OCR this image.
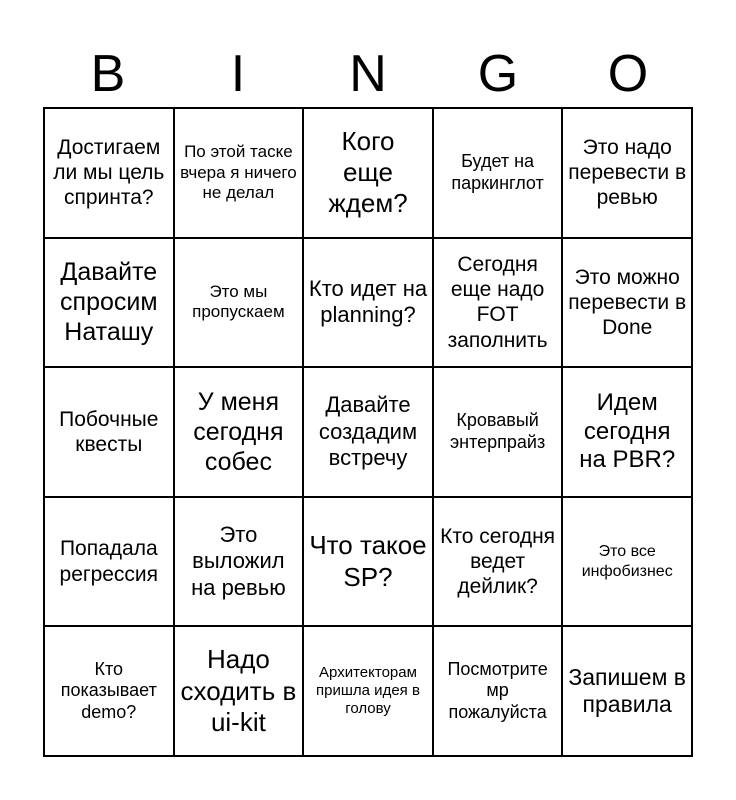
B	I	N	G	O
Достигаем ли мы цель спринта?
По этой таске вчера я ничего не делал
Кого еще ждем?
Будет на паркинглот
Это надо перевести в ревью
Давайте спросим Наташу
Это мы пропускаем
Кто идет на planning?
Сегодня еще надо FOT заполнить
Это можно перевести в Done
Побочные квесты
У меня сегодня собес
Давайте создадим встречу
Кровавый энтерпрайз
Идем сегодня на PBR?
Попадала регрессия
Это выложил на ревью
Что такое SP?
Кто сегодня ведет дейлик?
Это все инфобизнес
Кто показывает demo?
Надо сходить в ui-kit
Архитекторам пришла идея в голову
Посмотрите мр пожалуйста
Запишем в правила
